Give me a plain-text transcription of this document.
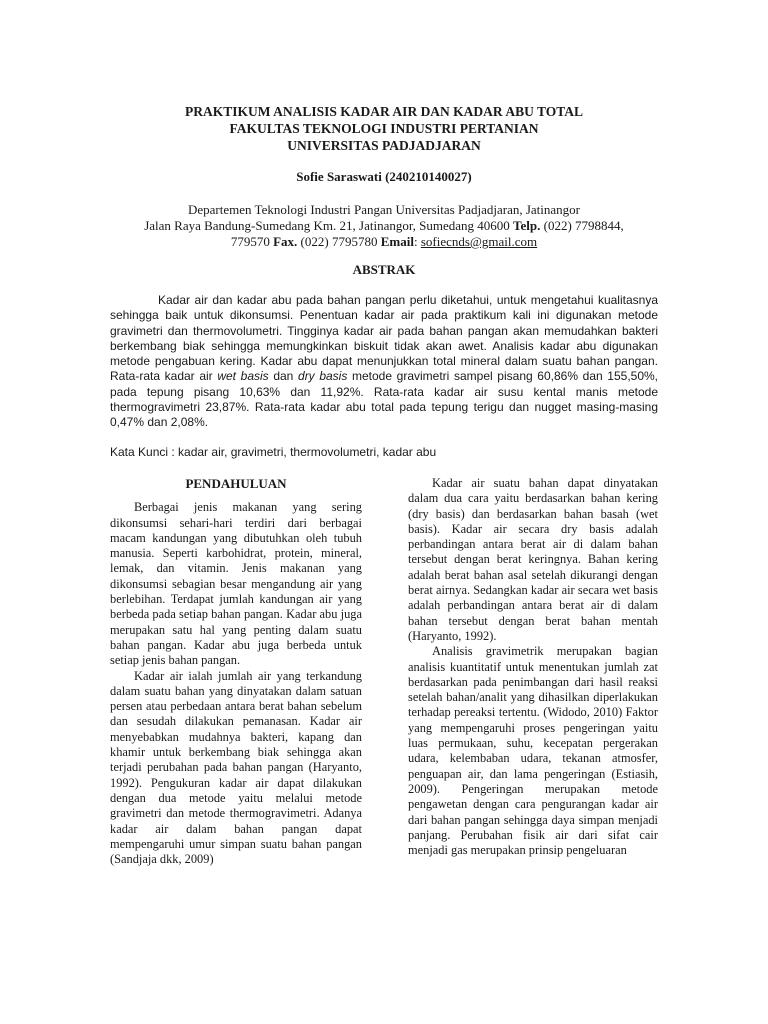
PRAKTIKUM ANALISIS KADAR AIR DAN KADAR ABU TOTAL
FAKULTAS TEKNOLOGI INDUSTRI PERTANIAN
UNIVERSITAS PADJADJARAN
Sofie Saraswati (240210140027)
Departemen Teknologi Industri Pangan Universitas Padjadjaran, Jatinangor
Jalan Raya Bandung-Sumedang Km. 21, Jatinangor, Sumedang 40600 Telp. (022) 7798844,
779570 Fax. (022) 7795780 Email: sofiecnds@gmail.com
ABSTRAK

Kadar air dan kadar abu pada bahan pangan perlu diketahui, untuk mengetahui kualitasnya sehingga baik untuk dikonsumsi. Penentuan kadar air pada praktikum kali ini digunakan metode gravimetri dan thermovolumetri. Tingginya kadar air pada bahan pangan akan memudahkan bakteri berkembang biak sehingga memungkinkan biskuit tidak akan awet. Analisis kadar abu digunakan metode pengabuan kering. Kadar abu dapat menunjukkan total mineral dalam suatu bahan pangan. Rata-rata kadar air wet basis dan dry basis metode gravimetri sampel pisang 60,86% dan 155,50%, pada tepung pisang 10,63% dan 11,92%. Rata-rata kadar air susu kental manis metode thermogravimetri 23,87%. Rata-rata kadar abu total pada tepung terigu dan nugget masing-masing 0,47% dan 2,08%.

Kata Kunci : kadar air, gravimetri, thermovolumetri, kadar abu

PENDAHULUAN

Berbagai jenis makanan yang sering dikonsumsi sehari-hari terdiri dari berbagai macam kandungan yang dibutuhkan oleh tubuh manusia. Seperti karbohidrat, protein, mineral, lemak, dan vitamin. Jenis makanan yang dikonsumsi sebagian besar mengandung air yang berlebihan. Terdapat jumlah kandungan air yang berbeda pada setiap bahan pangan. Kadar abu juga merupakan satu hal yang penting dalam suatu bahan pangan. Kadar abu juga berbeda untuk setiap jenis bahan pangan.

Kadar air ialah jumlah air yang terkandung dalam suatu bahan yang dinyatakan dalam satuan persen atau perbedaan antara berat bahan sebelum dan sesudah dilakukan pemanasan. Kadar air menyebabkan mudahnya bakteri, kapang dan khamir untuk berkembang biak sehingga akan terjadi perubahan pada bahan pangan (Haryanto, 1992). Pengukuran kadar air dapat dilakukan dengan dua metode yaitu melalui metode gravimetri dan metode thermogravimetri. Adanya kadar air dalam bahan pangan dapat mempengaruhi umur simpan suatu bahan pangan (Sandjaja dkk, 2009)

Kadar air suatu bahan dapat dinyatakan dalam dua cara yaitu berdasarkan bahan kering (dry basis) dan berdasarkan bahan basah (wet basis). Kadar air secara dry basis adalah perbandingan antara berat air di dalam bahan tersebut dengan berat keringnya. Bahan kering adalah berat bahan asal setelah dikurangi dengan berat airnya. Sedangkan kadar air secara wet basis adalah perbandingan antara berat air di dalam bahan tersebut dengan berat bahan mentah (Haryanto, 1992).

Analisis gravimetrik merupakan bagian analisis kuantitatif untuk menentukan jumlah zat berdasarkan pada penimbangan dari hasil reaksi setelah bahan/analit yang dihasilkan diperlakukan terhadap pereaksi tertentu. (Widodo, 2010) Faktor yang mempengaruhi proses pengeringan yaitu luas permukaan, suhu, kecepatan pergerakan udara, kelembaban udara, tekanan atmosfer, penguapan air, dan lama pengeringan (Estiasih, 2009). Pengeringan merupakan metode pengawetan dengan cara pengurangan kadar air dari bahan pangan sehingga daya simpan menjadi panjang. Perubahan fisik air dari sifat cair menjadi gas merupakan prinsip pengeluaran
